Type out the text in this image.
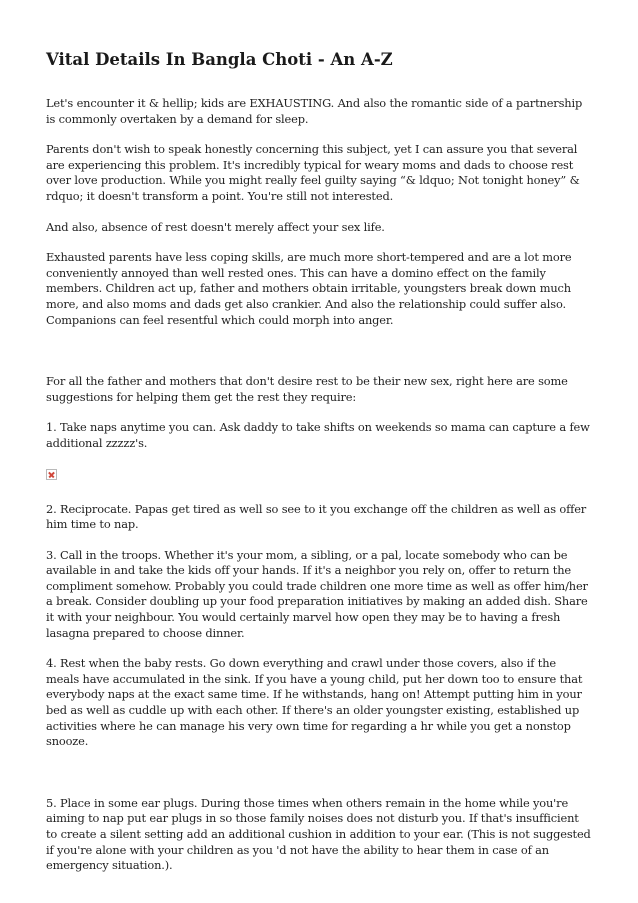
Vital Details In Bangla Choti - An A-Z

Let's encounter it & hellip; kids are EXHAUSTING. And also the romantic side of a partnership is commonly overtaken by a demand for sleep.

Parents don't wish to speak honestly concerning this subject, yet I can assure you that several are experiencing this problem. It's incredibly typical for weary moms and dads to choose rest over love production. While you might really feel guilty saying “& ldquo; Not tonight honey” & rdquo; it doesn't transform a point. You're still not interested.

And also, absence of rest doesn't merely affect your sex life.

Exhausted parents have less coping skills, are much more short-tempered and are a lot more conveniently annoyed than well rested ones. This can have a domino effect on the family members. Children act up, father and mothers obtain irritable, youngsters break down much more, and also moms and dads get also crankier. And also the relationship could suffer also. Companions can feel resentful which could morph into anger.

For all the father and mothers that don't desire rest to be their new sex, right here are some suggestions for helping them get the rest they require:

1. Take naps anytime you can. Ask daddy to take shifts on weekends so mama can capture a few additional zzzzz's.

2. Reciprocate. Papas get tired as well so see to it you exchange off the children as well as offer him time to nap.

3. Call in the troops. Whether it's your mom, a sibling, or a pal, locate somebody who can be available in and take the kids off your hands. If it's a neighbor you rely on, offer to return the compliment somehow. Probably you could trade children one more time as well as offer him/her a break. Consider doubling up your food preparation initiatives by making an added dish. Share it with your neighbour. You would certainly marvel how open they may be to having a fresh lasagna prepared to choose dinner.

4. Rest when the baby rests. Go down everything and crawl under those covers, also if the meals have accumulated in the sink. If you have a young child, put her down too to ensure that everybody naps at the exact same time. If he withstands, hang on! Attempt putting him in your bed as well as cuddle up with each other. If there's an older youngster existing, established up activities where he can manage his very own time for regarding a hr while you get a nonstop snooze.

5. Place in some ear plugs. During those times when others remain in the home while you're aiming to nap put ear plugs in so those family noises does not disturb you. If that's insufficient to create a silent setting add an additional cushion in addition to your ear. (This is not suggested if you're alone with your children as you 'd not have the ability to hear them in case of an emergency situation.).
